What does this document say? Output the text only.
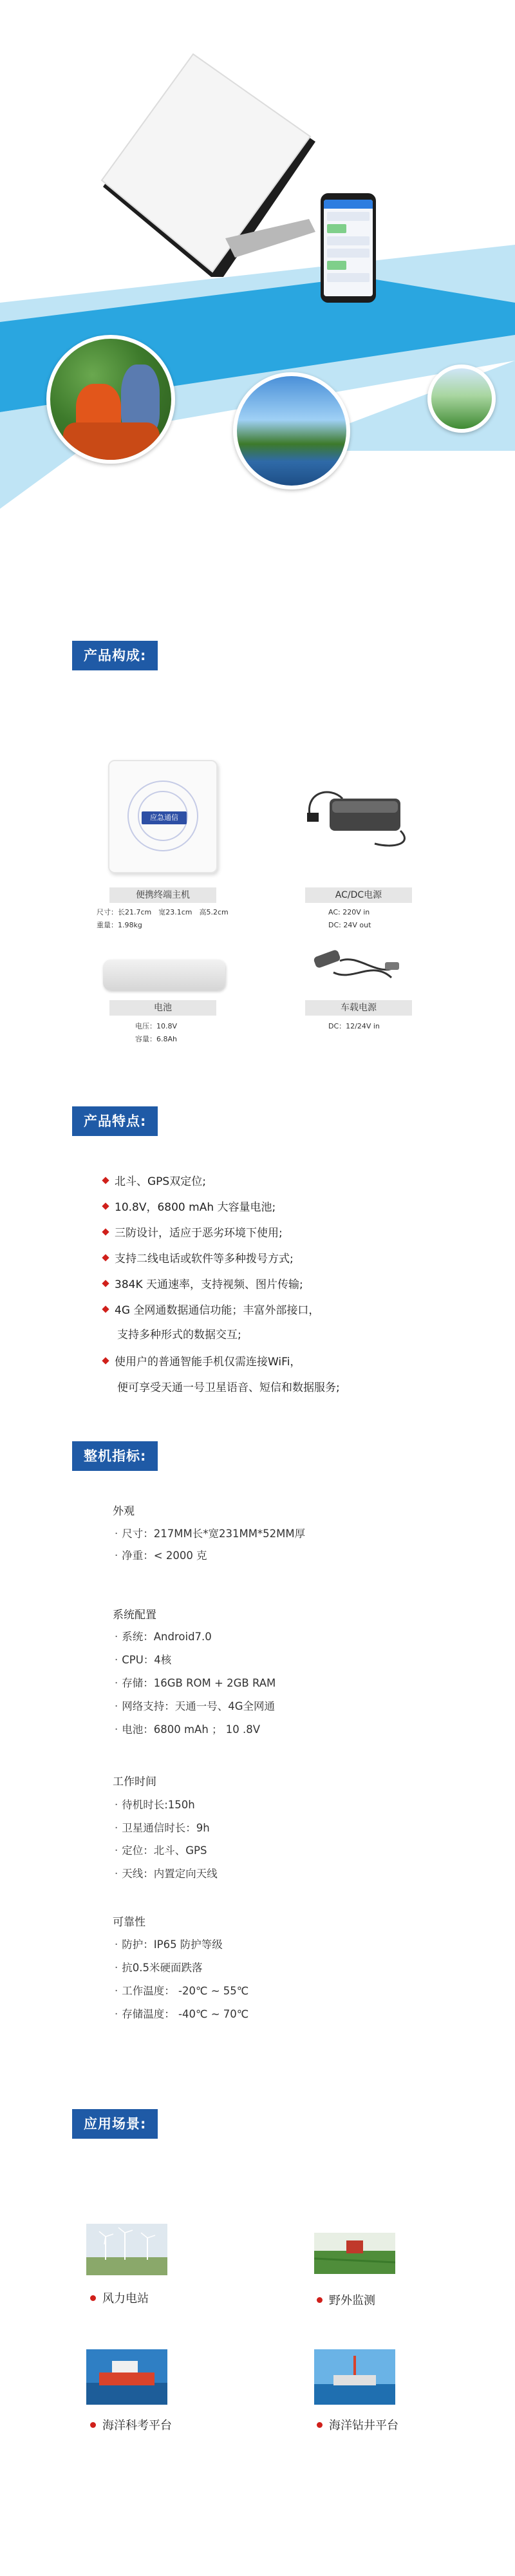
产品构成:
应急通信
便携终端主机
尺寸：长21.7cm　宽23.1cm　高5.2cm
重量：1.98kg
AC/DC电源
AC: 220V in
DC: 24V out
电池
电压：10.8V
容量：6.8Ah
车载电源
DC：12/24V in
产品特点:
北斗、GPS双定位;
10.8V，6800 mAh 大容量电池;
三防设计，适应于恶劣环境下使用;
支持二线电话或软件等多种拨号方式;
384K 天通速率，支持视频、图片传输;
4G 全网通数据通信功能；丰富外部接口，
支持多种形式的数据交互;
使用户的普通智能手机仅需连接WiFi，
便可享受天通一号卫星语音、短信和数据服务;
整机指标:
外观
· 尺寸：217MM长*宽231MM*52MM厚
· 净重：< 2000 克
系统配置
· 系统：Android7.0
· CPU：4核
· 存储：16GB ROM + 2GB RAM
· 网络支持：天通一号、4G全网通
· 电池：6800 mAh ； 10 .8V
工作时间
· 待机时长:150h
· 卫星通信时长：9h
· 定位：北斗、GPS
· 天线：内置定向天线
可靠性
· 防护：IP65 防护等级
· 抗0.5米硬面跌落
· 工作温度： -20℃ ~ 55℃
· 存储温度： -40℃ ~ 70℃
应用场景:
风力电站	野外监测
海洋科考平台	海洋钻井平台
